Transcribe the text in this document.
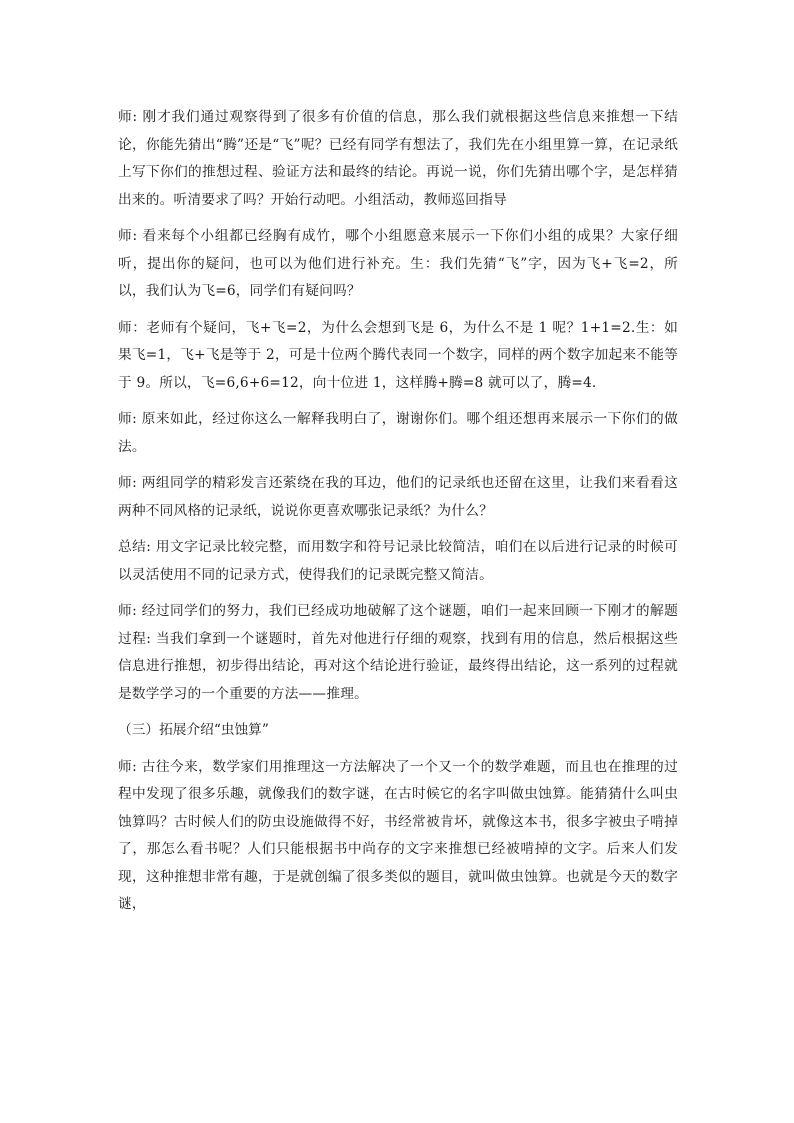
师: 刚才我们通过观察得到了很多有价值的信息，那么我们就根据这些信息来推想一下结论，你能先猜出“腾”还是“飞”呢？已经有同学有想法了，我们先在小组里算一算，在记录纸上写下你们的推想过程、验证方法和最终的结论。再说一说，你们先猜出哪个字，是怎样猜出来的。听清要求了吗？开始行动吧。小组活动，教师巡回指导

师: 看来每个小组都已经胸有成竹，哪个小组愿意来展示一下你们小组的成果？大家仔细听，提出你的疑问，也可以为他们进行补充。生：我们先猜“飞”字，因为飞+飞=2，所以，我们认为飞=6，同学们有疑问吗？

师：老师有个疑问，飞+飞=2，为什么会想到飞是 6，为什么不是 1 呢？1+1=2.生：如果飞=1，飞+飞是等于 2，可是十位两个腾代表同一个数字，同样的两个数字加起来不能等于 9。所以，飞=6,6+6=12，向十位进 1，这样腾+腾=8 就可以了，腾=4.

师: 原来如此，经过你这么一解释我明白了，谢谢你们。哪个组还想再来展示一下你们的做法。

师: 两组同学的精彩发言还萦绕在我的耳边，他们的记录纸也还留在这里，让我们来看看这两种不同风格的记录纸，说说你更喜欢哪张记录纸？为什么？

总结: 用文字记录比较完整，而用数字和符号记录比较简洁，咱们在以后进行记录的时候可以灵活使用不同的记录方式，使得我们的记录既完整又简洁。

师: 经过同学们的努力，我们已经成功地破解了这个谜题，咱们一起来回顾一下刚才的解题过程: 当我们拿到一个谜题时，首先对他进行仔细的观察，找到有用的信息，然后根据这些信息进行推想，初步得出结论，再对这个结论进行验证，最终得出结论，这一系列的过程就是数学学习的一个重要的方法——推理。

（三）拓展介绍“虫蚀算”

师: 古往今来，数学家们用推理这一方法解决了一个又一个的数学难题，而且也在推理的过程中发现了很多乐趣，就像我们的数字谜，在古时候它的名字叫做虫蚀算。能猜猜什么叫虫蚀算吗？古时候人们的防虫设施做得不好，书经常被肯坏，就像这本书，很多字被虫子啃掉了，那怎么看书呢？人们只能根据书中尚存的文字来推想已经被啃掉的文字。后来人们发现，这种推想非常有趣，于是就创编了很多类似的题目，就叫做虫蚀算。也就是今天的数字谜，
